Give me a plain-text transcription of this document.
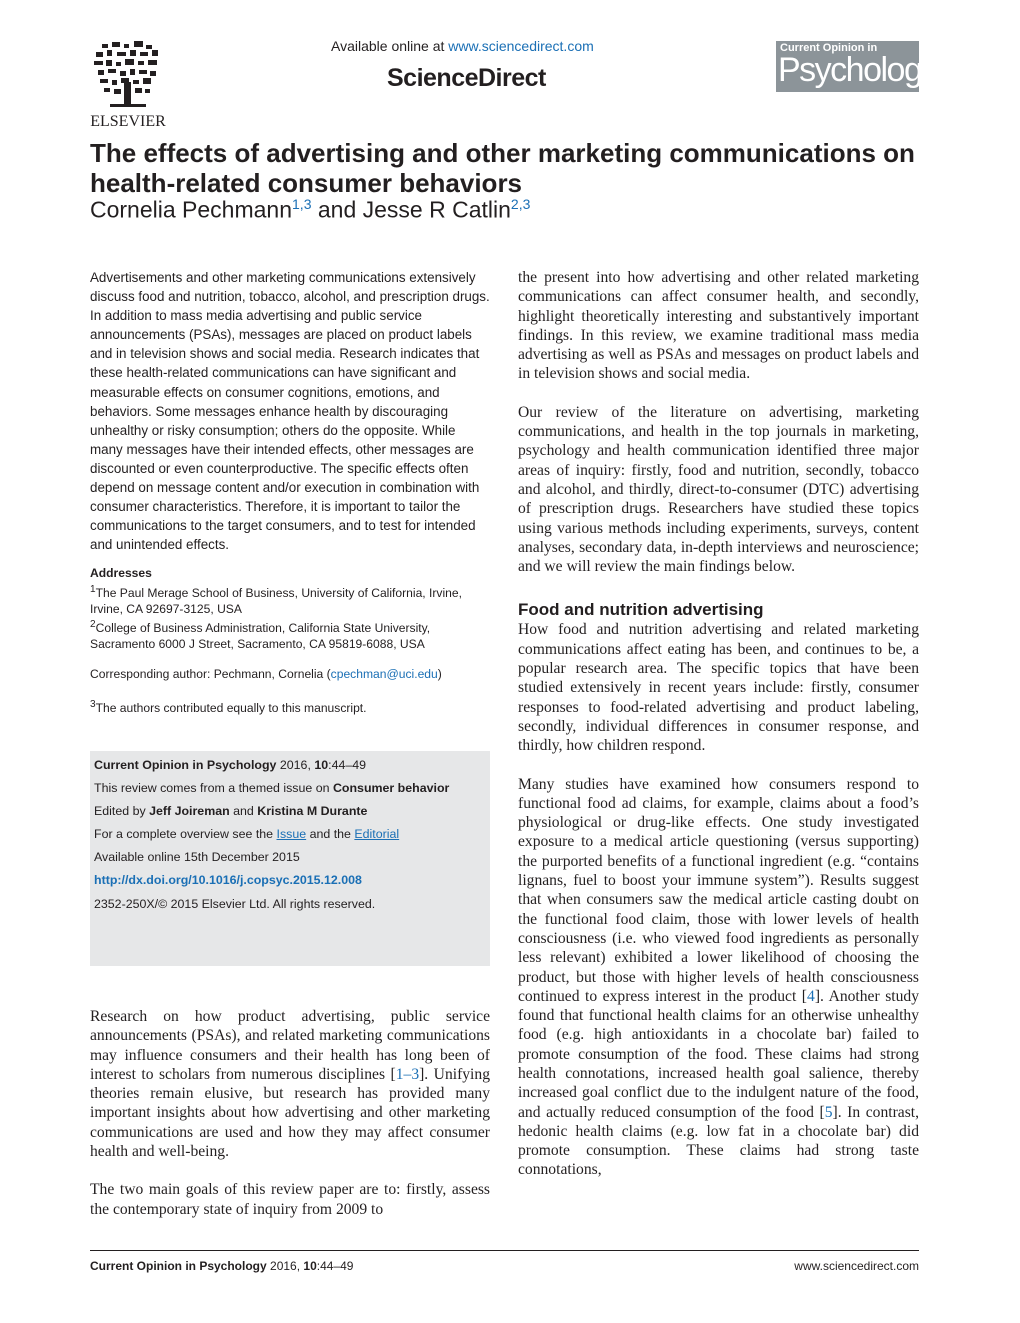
ELSEVIER
Available online at www.sciencedirect.com
ScienceDirect
Current Opinion in
Psychology
The effects of advertising and other marketing communications on health-related consumer behaviors
Cornelia Pechmann$^{1,3}$ and Jesse R Catlin$^{2,3}$

Advertisements and other marketing communications extensively discuss food and nutrition, tobacco, alcohol, and prescription drugs. In addition to mass media advertising and public service announcements (PSAs), messages are placed on product labels and in television shows and social media. Research indicates that these health-related communications can have significant and measurable effects on consumer cognitions, emotions, and behaviors. Some messages enhance health by discouraging unhealthy or risky consumption; others do the opposite. While many messages have their intended effects, other messages are discounted or even counterproductive. The specific effects often depend on message content and/or execution in combination with consumer characteristics. Therefore, it is important to tailor the communications to the target consumers, and to test for intended and unintended effects.

Addresses

$^1$The Paul Merage School of Business, University of California, Irvine, Irvine, CA 92697-3125, USA

$^2$College of Business Administration, California State University, Sacramento 6000 J Street, Sacramento, CA 95819-6088, USA

Corresponding author: Pechmann, Cornelia (cpechman@uci.edu)

$^3$The authors contributed equally to this manuscript.

Current Opinion in Psychology 2016, 10:44–49

This review comes from a themed issue on Consumer behavior

Edited by Jeff Joireman and Kristina M Durante

For a complete overview see the Issue and the Editorial

Available online 15th December 2015

http://dx.doi.org/10.1016/j.copsyc.2015.12.008

2352-250X/© 2015 Elsevier Ltd. All rights reserved.

Research on how product advertising, public service announcements (PSAs), and related marketing communications may influence consumers and their health has long been of interest to scholars from numerous disciplines [1–3]. Unifying theories remain elusive, but research has provided many important insights about how advertising and other marketing communications are used and how they may affect consumer health and well-being.

The two main goals of this review paper are to: firstly, assess the contemporary state of inquiry from 2009 to

the present into how advertising and other related marketing communications can affect consumer health, and secondly, highlight theoretically interesting and substantively important findings. In this review, we examine traditional mass media advertising as well as PSAs and messages on product labels and in television shows and social media.

Our review of the literature on advertising, marketing communications, and health in the top journals in marketing, psychology and health communication identified three major areas of inquiry: firstly, food and nutrition, secondly, tobacco and alcohol, and thirdly, direct-to-consumer (DTC) advertising of prescription drugs. Researchers have studied these topics using various methods including experiments, surveys, content analyses, secondary data, in-depth interviews and neuroscience; and we will review the main findings below.

Food and nutrition advertising

How food and nutrition advertising and related marketing communications affect eating has been, and continues to be, a popular research area. The specific topics that have been studied extensively in recent years include: firstly, consumer responses to food-related advertising and product labeling, secondly, individual differences in consumer response, and thirdly, how children respond.

Many studies have examined how consumers respond to functional food ad claims, for example, claims about a food’s physiological or drug-like effects. One study investigated exposure to a medical article questioning (versus supporting) the purported benefits of a functional ingredient (e.g. “contains lignans, fuel to boost your immune system”). Results suggest that when consumers saw the medical article casting doubt on the functional food claim, those with lower levels of health consciousness (i.e. who viewed food ingredients as personally less relevant) exhibited a lower likelihood of choosing the product, but those with higher levels of health consciousness continued to express interest in the product [4]. Another study found that functional health claims for an otherwise unhealthy food (e.g. high antioxidants in a chocolate bar) failed to promote consumption of the food. These claims had strong health connotations, increased health goal salience, thereby increased goal conflict due to the indulgent nature of the food, and actually reduced consumption of the food [5]. In contrast, hedonic health claims (e.g. low fat in a chocolate bar) did promote consumption. These claims had strong taste connotations,

Current Opinion in Psychology 2016, 10:44–49	www.sciencedirect.com
